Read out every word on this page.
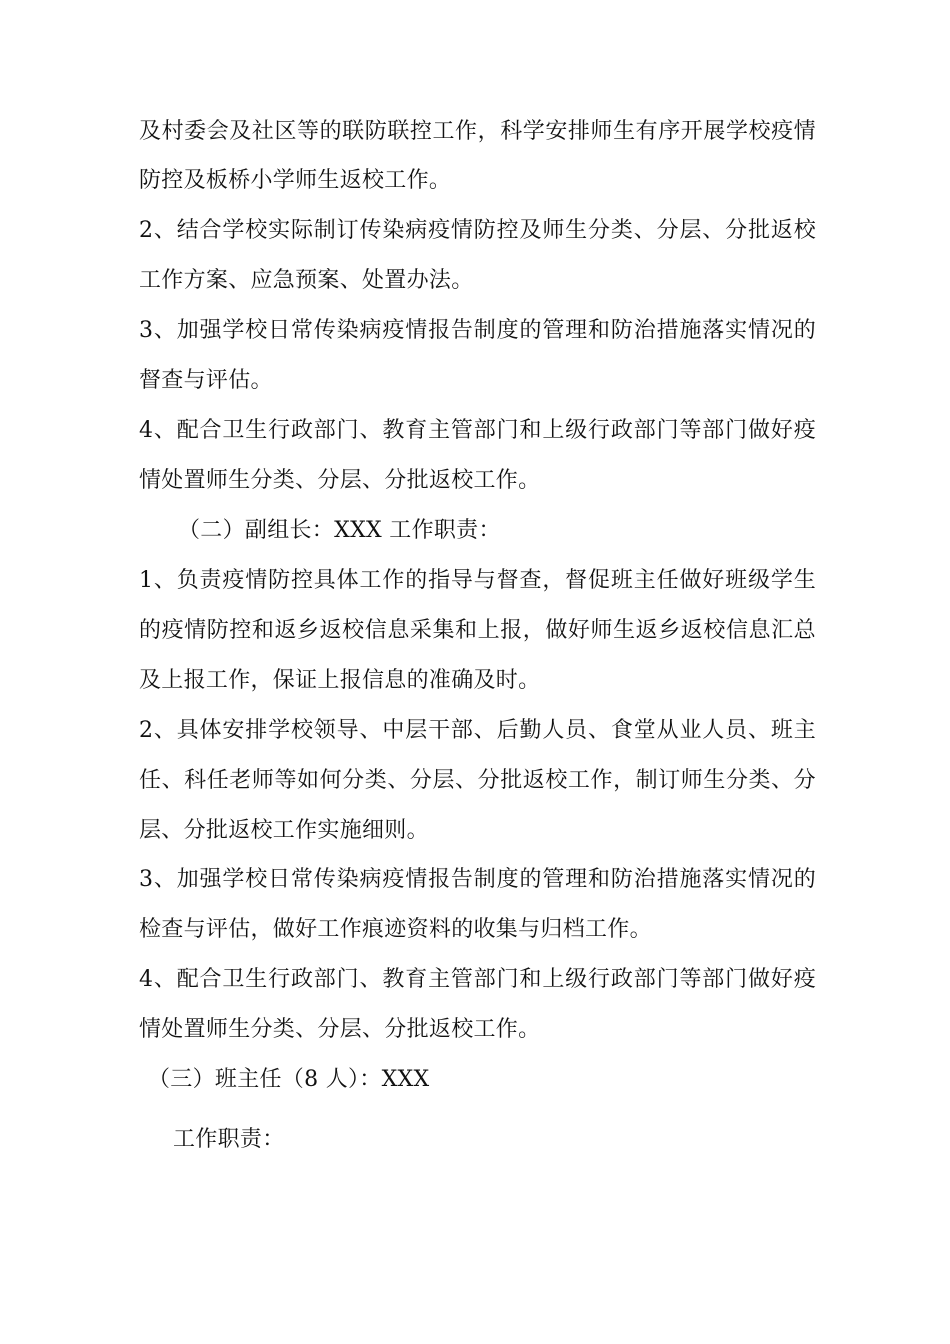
及村委会及社区等的联防联控工作，科学安排师生有序开展学校疫情
防控及板桥小学师生返校工作。
2、结合学校实际制订传染病疫情防控及师生分类、分层、分批返校
工作方案、应急预案、处置办法。
3、加强学校日常传染病疫情报告制度的管理和防治措施落实情况的
督查与评估。
4、配合卫生行政部门、教育主管部门和上级行政部门等部门做好疫
情处置师生分类、分层、分批返校工作。
（二）副组长：XXX 工作职责：
1、负责疫情防控具体工作的指导与督查，督促班主任做好班级学生
的疫情防控和返乡返校信息采集和上报，做好师生返乡返校信息汇总
及上报工作，保证上报信息的准确及时。
2、具体安排学校领导、中层干部、后勤人员、食堂从业人员、班主
任、科任老师等如何分类、分层、分批返校工作，制订师生分类、分
层、分批返校工作实施细则。
3、加强学校日常传染病疫情报告制度的管理和防治措施落实情况的
检查与评估，做好工作痕迹资料的收集与归档工作。
4、配合卫生行政部门、教育主管部门和上级行政部门等部门做好疫
情处置师生分类、分层、分批返校工作。
（三）班主任（8 人）：XXX
工作职责：
